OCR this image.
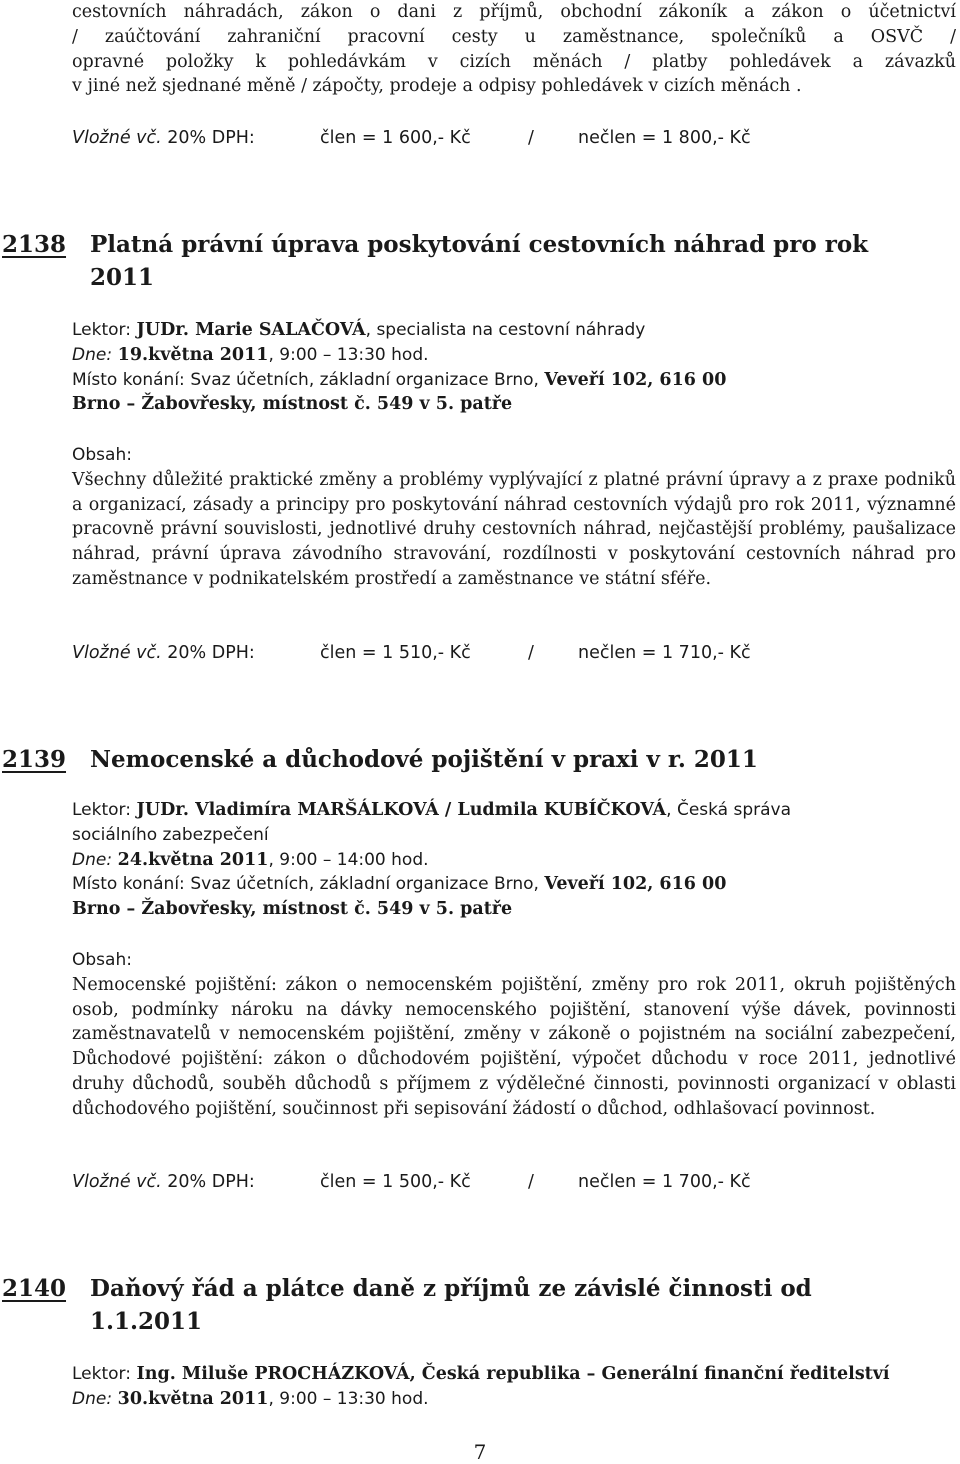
cestovních náhradách, zákon o dani z příjmů, obchodní zákoník a zákon o účetnictví

/ zaúčtování zahraniční pracovní cesty u zaměstnance, společníků a OSVČ /

opravné položky k pohledávkám v cizích měnách / platby pohledávek a závazků

v jiné než sjednané měně / zápočty, prodeje a odpisy pohledávek v cizích měnách .

Vložné vč. 20% DPH:	člen = 1 600,- Kč	/	nečlen = 1 800,- Kč
2138	Platná právní úprava poskytování cestovních náhrad pro rok
2011

Lektor: JUDr. Marie SALAČOVÁ, specialista na cestovní náhrady

Dne: 19.května 2011, 9:00 – 13:30 hod.

Místo konání: Svaz účetních, základní organizace Brno, Veveří 102, 616 00

Brno – Žabovřesky, místnost č. 549 v 5. patře

Obsah:

Všechny důležité praktické změny a problémy vyplývající z platné právní úpravy a z praxe podniků a organizací, zásady a principy pro poskytování náhrad cestovních výdajů pro rok 2011, významné pracovně právní souvislosti, jednotlivé druhy cestovních náhrad, nejčastější problémy, paušalizace náhrad, právní úprava závodního stravování, rozdílnosti v poskytování cestovních náhrad pro zaměstnance v podnikatelském prostředí a zaměstnance ve státní sféře.

Vložné vč. 20% DPH:	člen = 1 510,- Kč	/	nečlen = 1 710,- Kč
2139	Nemocenské a důchodové pojištění v praxi v r. 2011

Lektor: JUDr. Vladimíra MARŠÁLKOVÁ / Ludmila KUBÍČKOVÁ, Česká správa

sociálního zabezpečení

Dne: 24.května 2011, 9:00 – 14:00 hod.

Místo konání: Svaz účetních, základní organizace Brno, Veveří 102, 616 00

Brno – Žabovřesky, místnost č. 549 v 5. patře

Obsah:

Nemocenské pojištění: zákon o nemocenském pojištění, změny pro rok 2011, okruh pojištěných osob, podmínky nároku na dávky nemocenského pojištění, stanovení výše dávek, povinnosti zaměstnavatelů v nemocenském pojištění, změny v zákoně o pojistném na sociální zabezpečení, Důchodové pojištění: zákon o důchodovém pojištění, výpočet důchodu v roce 2011, jednotlivé druhy důchodů, souběh důchodů s příjmem z výdělečné činnosti, povinnosti organizací v oblasti důchodového pojištění, součinnost při sepisování žádostí o důchod, odhlašovací povinnost.

Vložné vč. 20% DPH:	člen = 1 500,- Kč	/	nečlen = 1 700,- Kč
2140	Daňový řád a plátce daně z příjmů ze závislé činnosti od
1.1.2011

Lektor: Ing. Miluše PROCHÁZKOVÁ, Česká republika – Generální finanční ředitelství

Dne: 30.května 2011, 9:00 – 13:30 hod.

7
